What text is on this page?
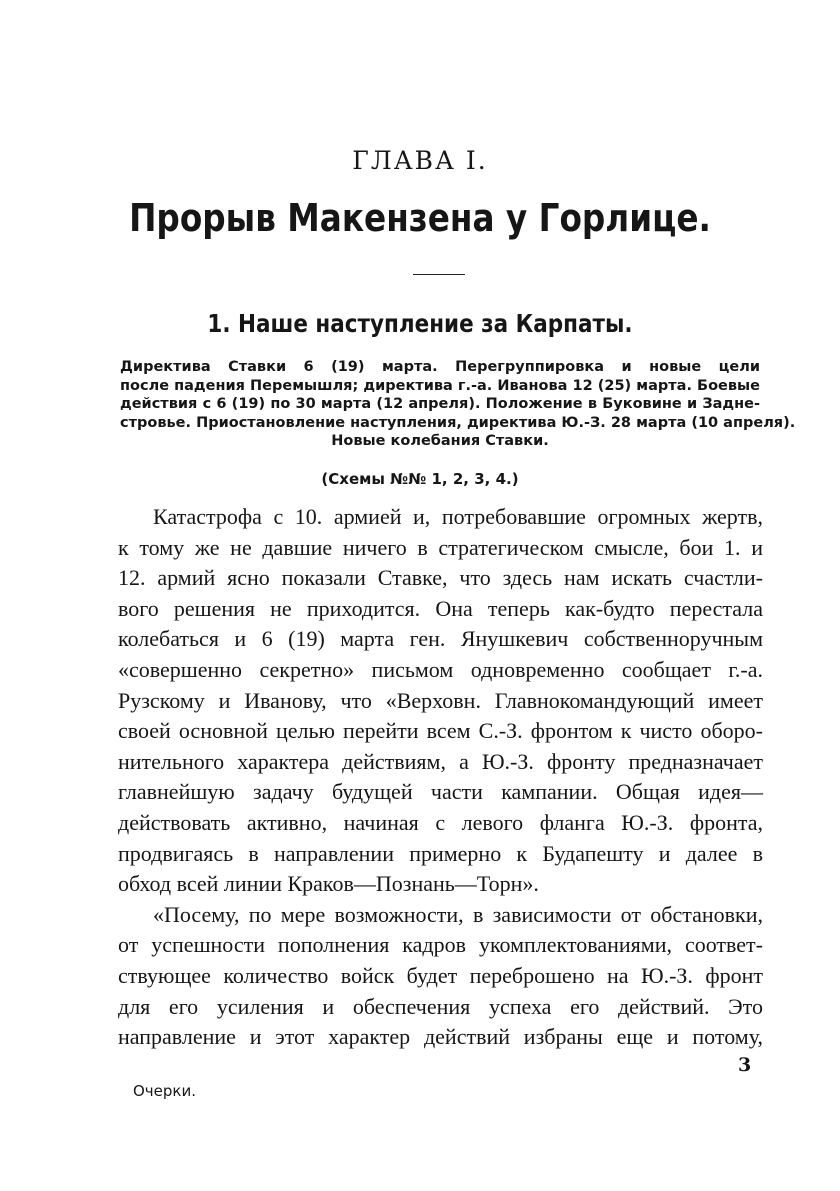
ГЛАВА I.
Прорыв Макензена у Горлице.
1. Наше наступление за Карпаты.
Директива Ставки 6 (19) марта. Перегруппировка и новые цели
после падения Перемышля; директива г.-а. Иванова 12 (25) марта. Боевые
действия с 6 (19) по 30 марта (12 апреля). Положение в Буковине и Заднe-
стровье. Приостановление наступления, директива Ю.-З. 28 марта (10 апреля).
Новые колебания Ставки.
(Схемы №№ 1, 2, 3, 4.)
Катастрофа с 10. армией и, потребовавшие огромных жертв,
к тому же не давшие ничего в стратегическом смысле, бои 1. и
12. армий ясно показали Ставке, что здесь нам искать счастли-
вого решения не приходится. Она теперь как-будто перестала
колебаться и 6 (19) марта ген. Янушкевич собственноручным
«совершенно секретно» письмом одновременно сообщает г.-а.
Рузскому и Иванову, что «Верховн. Главнокомандующий имеет
своей основной целью перейти всем С.-З. фронтом к чисто оборо-
нительного характера действиям, а Ю.-З. фронту предназначает
главнейшую задачу будущей части кампании. Общая идея—
действовать активно, начиная с левого фланга Ю.-З. фронта,
продвигаясь в направлении примерно к Будапешту и далее в
обход всей линии Краков—Познань—Торн».
«Посему, по мере возможности, в зависимости от обстановки,
от успешности пополнения кадров укомплектованиями, соответ-
ствующее количество войск будет переброшено на Ю.-З. фронт
для его усиления и обеспечения успеха его действий. Это
направление и этот характер действий избраны еще и потому,
3
Очерки.
